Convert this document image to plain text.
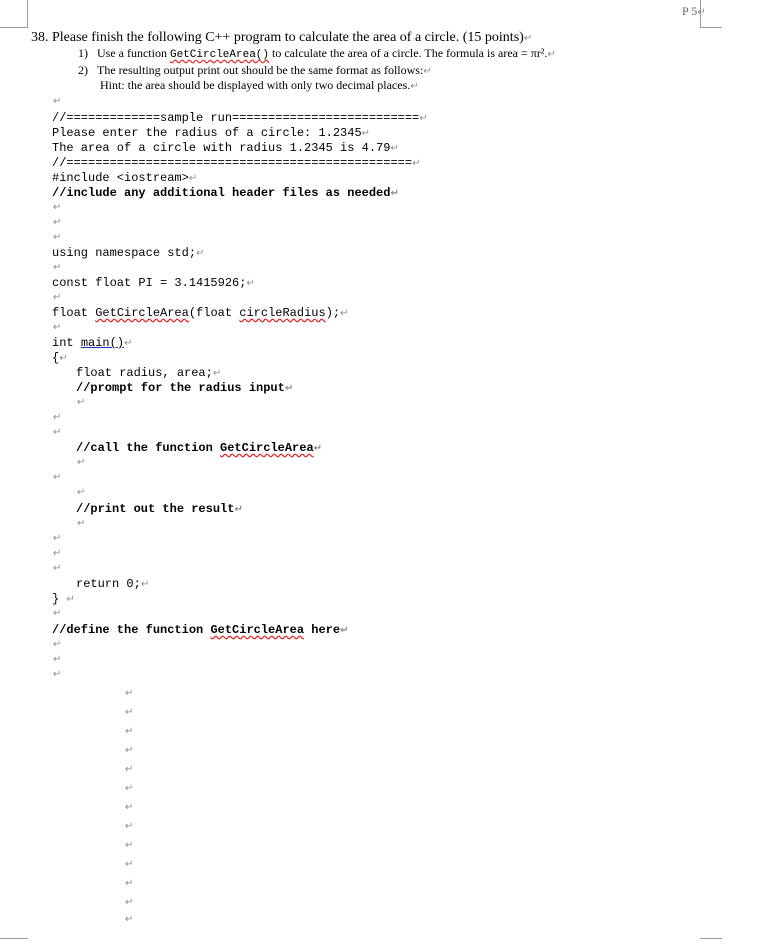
P 5↵
38. Please finish the following C++ program to calculate the area of a circle. (15 points)↵
1) Use a function GetCircleArea() to calculate the area of a circle. The formula is area = πr².↵
2) The resulting output print out should be the same format as follows:↵
Hint: the area should be displayed with only two decimal places.↵
↵
//=============sample run==========================↵
Please enter the radius of a circle: 1.2345↵
The area of a circle with radius 1.2345 is 4.79↵
//================================================↵
#include <iostream>↵
//include any additional header files as needed↵
↵
↵
↵
using namespace std;↵
↵
const float PI = 3.1415926;↵
↵
float GetCircleArea(float circleRadius);↵
↵
int main()↵
{↵
float radius, area;↵
//prompt for the radius input↵
↵
↵
↵
//call the function GetCircleArea↵
↵
↵
↵
//print out the result↵
↵
↵
↵
↵
return 0;↵
} ↵
↵
//define the function GetCircleArea here↵
↵
↵
↵
↵
↵
↵
↵
↵
↵
↵
↵
↵
↵
↵
↵
↵
